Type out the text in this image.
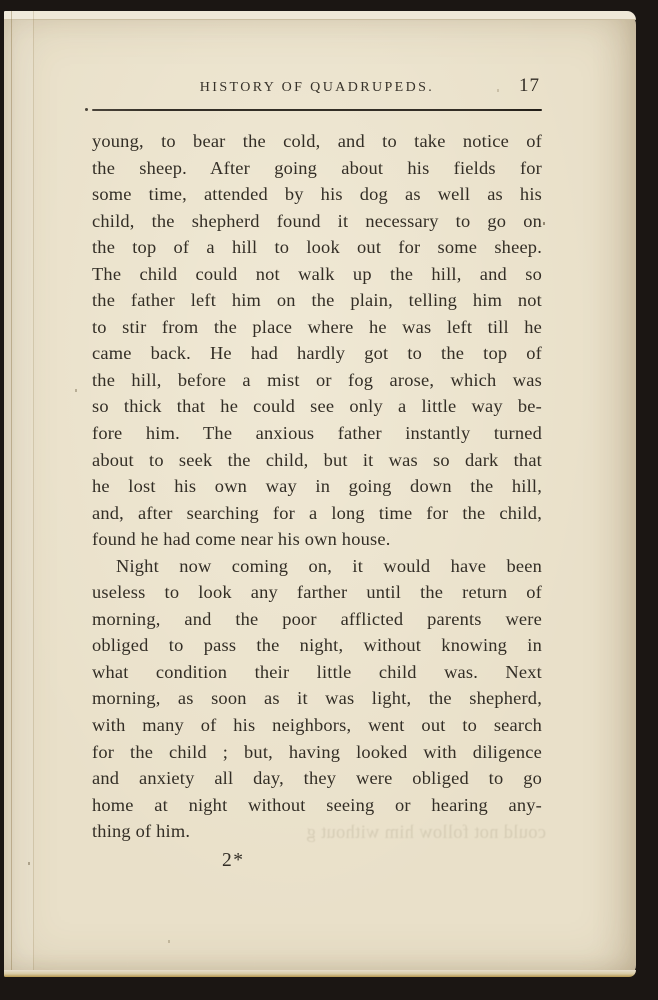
could not follow him without g
HISTORY OF QUADRUPEDS.	17
young, to bear the cold, and to take notice of
the sheep. After going about his fields for
some time, attended by his dog as well as his
child, the shepherd found it necessary to go on
the top of a hill to look out for some sheep.
The child could not walk up the hill, and so
the father left him on the plain, telling him not
to stir from the place where he was left till he
came back. He had hardly got to the top of
the hill, before a mist or fog arose, which was
so thick that he could see only a little way be-
fore him. The anxious father instantly turned
about to seek the child, but it was so dark that
he lost his own way in going down the hill,
and, after searching for a long time for the child,
found he had come near his own house.
Night now coming on, it would have been
useless to look any farther until the return of
morning, and the poor afflicted parents were
obliged to pass the night, without knowing in
what condition their little child was. Next
morning, as soon as it was light, the shepherd,
with many of his neighbors, went out to search
for the child ; but, having looked with diligence
and anxiety all day, they were obliged to go
home at night without seeing or hearing any-
thing of him.
2*
